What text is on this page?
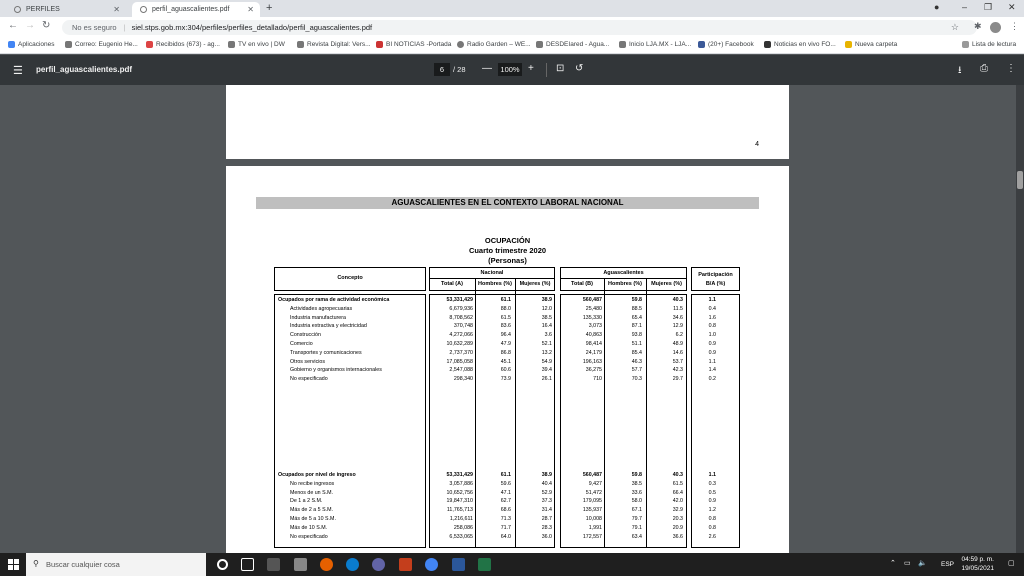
PERFILES	✕	perfil_aguascalientes.pdf ✕ +	●	– ❐ ✕
← → ↻	No es seguro | siel.stps.gob.mx:304/perfiles/perfiles_detallado/perfil_aguascalientes.pdf	☆ ✱	⋮
Aplicaciones	Correo: Eugenio He...	Recibidos (673) - ag...	TV en vivo | DW	Revista Digital: Vers... BI NOTICIAS -Portada Radio Garden – WE... DESDEIared - Agua...	Inicio LJA.MX - LJA...	(20+) Facebook	Noticias en vivo FO...	Nueva carpeta	Lista de lectura
☰ perfil_aguascalientes.pdf	6	/ 28 —	100% + ⊡ ↺	⭳ ⎙ ⋮
4
AGUASCALIENTES EN EL CONTEXTO LABORAL NACIONAL
OCUPACIÓN
Cuarto trimestre 2020
(Personas)
Concepto
Nacional
Total (A)	Hombres (%)	Mujeres (%)
Aguascalientes
Total (B)	Hombres (%)	Mujeres (%)
Participación
B/A (%)
Ocupados por rama de actividad económica	53,331,429	61.1	38.9	560,487	59.8	40.3	1.1
Actividades agropecuarias	6,679,936	88.0	12.0	25,480	88.5	11.5	0.4
Industria manufacturera	8,708,562	61.5	38.5	135,330	65.4	34.6	1.6
Industria extractiva y electricidad	370,748	83.6	16.4	3,073	87.1	12.9	0.8
Construcción	4,272,066	96.4	3.6	40,863	93.8	6.2	1.0
Comercio	10,632,289	47.9	52.1	98,414	51.1	48.9	0.9
Transportes y comunicaciones	2,737,370	86.8	13.2	24,179	85.4	14.6	0.9
Otros servicios	17,085,058	45.1	54.9	196,163	46.3	53.7	1.1
Gobierno y organismos internacionales	2,547,088	60.6	39.4	36,275	57.7	42.3	1.4
No especificado	298,340	73.9	26.1	710	70.3	29.7	0.2
Ocupados por nivel de ingreso	53,331,429	61.1	38.9	560,487	59.8	40.3	1.1
No recibe ingresos	3,057,886	59.6	40.4	9,427	38.5	61.5	0.3
Menos de un S.M.	10,652,756	47.1	52.9	51,472	33.6	66.4	0.5
De 1 a 2 S.M.	19,847,310	62.7	37.3	179,095	58.0	42.0	0.9
Más de 2 a 5 S.M.	11,765,713	68.6	31.4	135,937	67.1	32.9	1.2
Más de 5 a 10 S.M.	1,216,611	71.3	28.7	10,008	79.7	20.3	0.8
Más de 10 S.M.	258,086	71.7	28.3	1,991	79.1	20.9	0.8
No especificado	6,533,065	64.0	36.0	172,557	63.4	36.6	2.6
⚲ Buscar cualquier cosa	⌃ ▭ 🔈 ESP
04:59 p. m.
19/05/2021
▢
